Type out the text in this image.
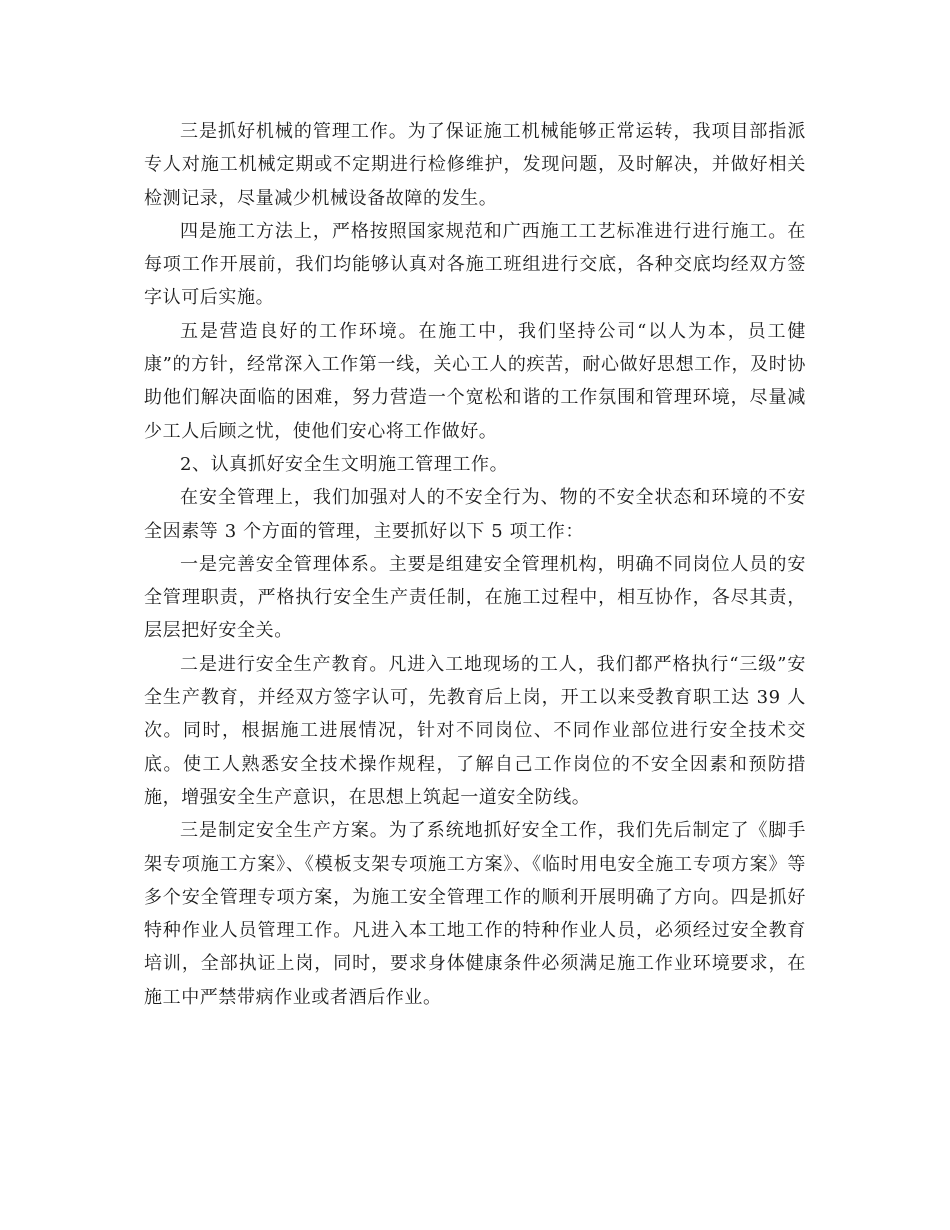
三是抓好机械的管理工作。为了保证施工机械能够正常运转，我项目部指派专人对施工机械定期或不定期进行检修维护，发现问题，及时解决，并做好相关检测记录，尽量减少机械设备故障的发生。

四是施工方法上，严格按照国家规范和广西施工工艺标准进行进行施工。在每项工作开展前，我们均能够认真对各施工班组进行交底，各种交底均经双方签字认可后实施。

五是营造良好的工作环境。在施工中，我们坚持公司“以人为本，员工健康”的方针，经常深入工作第一线，关心工人的疾苦，耐心做好思想工作，及时协助他们解决面临的困难，努力营造一个宽松和谐的工作氛围和管理环境，尽量减少工人后顾之忧，使他们安心将工作做好。

2、认真抓好安全生文明施工管理工作。

在安全管理上，我们加强对人的不安全行为、物的不安全状态和环境的不安全因素等 3 个方面的管理，主要抓好以下 5 项工作：

一是完善安全管理体系。主要是组建安全管理机构，明确不同岗位人员的安全管理职责，严格执行安全生产责任制，在施工过程中，相互协作，各尽其责，层层把好安全关。

二是进行安全生产教育。凡进入工地现场的工人，我们都严格执行“三级”安全生产教育，并经双方签字认可，先教育后上岗，开工以来受教育职工达 39 人次。同时，根据施工进展情况，针对不同岗位、不同作业部位进行安全技术交底。使工人熟悉安全技术操作规程，了解自己工作岗位的不安全因素和预防措施，增强安全生产意识，在思想上筑起一道安全防线。

三是制定安全生产方案。为了系统地抓好安全工作，我们先后制定了《脚手架专项施工方案》、《模板支架专项施工方案》、《临时用电安全施工专项方案》等多个安全管理专项方案，为施工安全管理工作的顺利开展明确了方向。四是抓好特种作业人员管理工作。凡进入本工地工作的特种作业人员，必须经过安全教育培训，全部执证上岗，同时，要求身体健康条件必须满足施工作业环境要求，在施工中严禁带病作业或者酒后作业。
